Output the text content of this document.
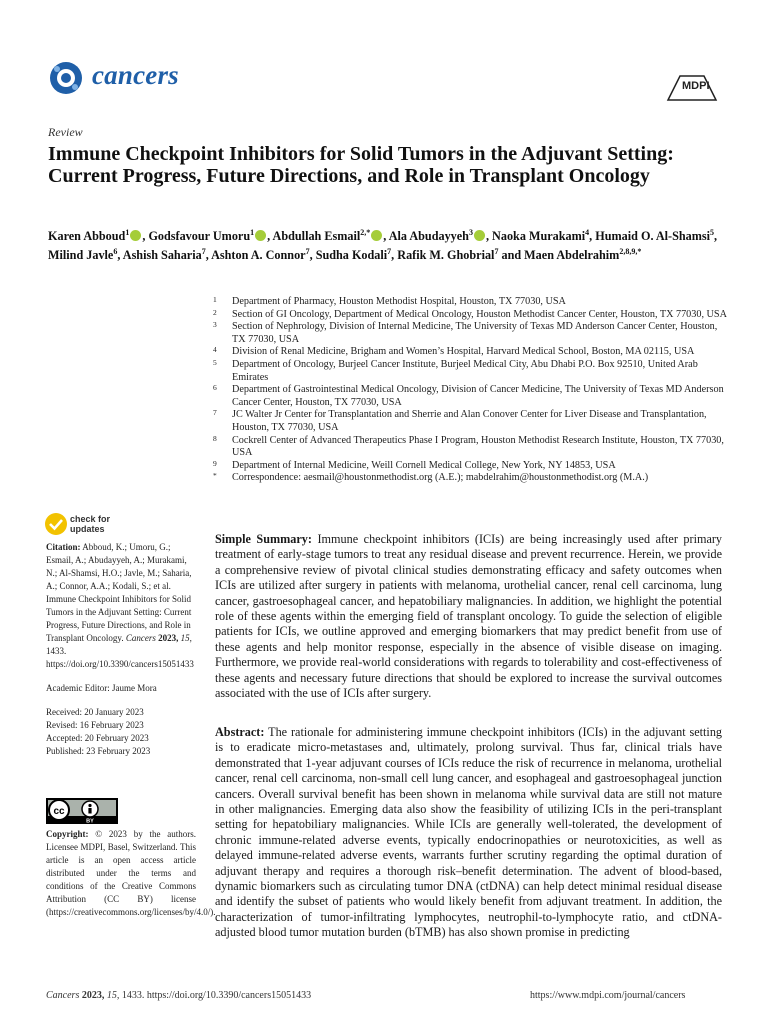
cancers	MDPI
Review
Immune Checkpoint Inhibitors for Solid Tumors in the Adjuvant Setting: Current Progress, Future Directions, and Role in Transplant Oncology
Karen Abboud$^1$ , Godsfavour Umoru$^1$ , Abdullah Esmail$^{2,*}$ , Ala Abudayyeh$^3$ , Naoka Murakami$^4$, Humaid O. Al-Shamsi$^5$, Milind Javle$^6$, Ashish Saharia$^7$, Ashton A. Connor$^7$, Sudha Kodali$^7$, Rafik M. Ghobrial$^7$ and Maen Abdelrahim$^{2,8,9,*}$
1 Department of Pharmacy, Houston Methodist Hospital, Houston, TX 77030, USA
2 Section of GI Oncology, Department of Medical Oncology, Houston Methodist Cancer Center, Houston, TX 77030, USA
3 Section of Nephrology, Division of Internal Medicine, The University of Texas MD Anderson Cancer Center, Houston, TX 77030, USA
4 Division of Renal Medicine, Brigham and Women’s Hospital, Harvard Medical School, Boston, MA 02115, USA
5 Department of Oncology, Burjeel Cancer Institute, Burjeel Medical City, Abu Dhabi P.O. Box 92510, United Arab Emirates
6 Department of Gastrointestinal Medical Oncology, Division of Cancer Medicine, The University of Texas MD Anderson Cancer Center, Houston, TX 77030, USA
7 JC Walter Jr Center for Transplantation and Sherrie and Alan Conover Center for Liver Disease and Transplantation, Houston, TX 77030, USA
8 Cockrell Center of Advanced Therapeutics Phase I Program, Houston Methodist Research Institute, Houston, TX 77030, USA
9 Department of Internal Medicine, Weill Cornell Medical College, New York, NY 14853, USA
* Correspondence: aesmail@houstonmethodist.org (A.E.); mabdelrahim@houstonmethodist.org (M.A.)
check for updates

Citation: Abboud, K.; Umoru, G.; Esmail, A.; Abudayyeh, A.; Murakami, N.; Al-Shamsi, H.O.; Javle, M.; Saharia, A.; Connor, A.A.; Kodali, S.; et al. Immune Checkpoint Inhibitors for Solid Tumors in the Adjuvant Setting: Current Progress, Future Directions, and Role in Transplant Oncology. Cancers 2023, 15, 1433. https://doi.org/10.3390/cancers15051433

Academic Editor: Jaume Mora

Received: 20 January 2023
Revised: 16 February 2023
Accepted: 20 February 2023
Published: 23 February 2023
cc
BY

Copyright: © 2023 by the authors. Licensee MDPI, Basel, Switzerland. This article is an open access article distributed under the terms and conditions of the Creative Commons Attribution (CC BY) license (https://creativecommons.org/licenses/by/4.0/).

Simple Summary: Immune checkpoint inhibitors (ICIs) are being increasingly used after primary treatment of early-stage tumors to treat any residual disease and prevent recurrence. Herein, we provide a comprehensive review of pivotal clinical studies demonstrating efficacy and safety outcomes when ICIs are utilized after surgery in patients with melanoma, urothelial cancer, renal cell carcinoma, lung cancer, gastroesophageal cancer, and hepatobiliary malignancies. In addition, we highlight the potential role of these agents within the emerging field of transplant oncology. To guide the selection of eligible patients for ICIs, we outline approved and emerging biomarkers that may predict benefit from use of these agents and help monitor response, especially in the absence of visible disease on imaging. Furthermore, we provide real-world considerations with regards to tolerability and cost-effectiveness of these agents and necessary future directions that should be explored to increase the survival outcomes associated with the use of ICIs after surgery.
Abstract: The rationale for administering immune checkpoint inhibitors (ICIs) in the adjuvant setting is to eradicate micro-metastases and, ultimately, prolong survival. Thus far, clinical trials have demonstrated that 1-year adjuvant courses of ICIs reduce the risk of recurrence in melanoma, urothelial cancer, renal cell carcinoma, non-small cell lung cancer, and esophageal and gastroesophageal junction cancers. Overall survival benefit has been shown in melanoma while survival data are still not mature in other malignancies. Emerging data also show the feasibility of utilizing ICIs in the peri-transplant setting for hepatobiliary malignancies. While ICIs are generally well-tolerated, the development of chronic immune-related adverse events, typically endocrinopathies or neurotoxicities, as well as delayed immune-related adverse events, warrants further scrutiny regarding the optimal duration of adjuvant therapy and requires a thorough risk–benefit determination. The advent of blood-based, dynamic biomarkers such as circulating tumor DNA (ctDNA) can help detect minimal residual disease and identify the subset of patients who would likely benefit from adjuvant treatment. In addition, the characterization of tumor-infiltrating lymphocytes, neutrophil-to-lymphocyte ratio, and ctDNA-adjusted blood tumor mutation burden (bTMB) has also shown promise in predicting
Cancers 2023, 15, 1433. https://doi.org/10.3390/cancers15051433	https://www.mdpi.com/journal/cancers
